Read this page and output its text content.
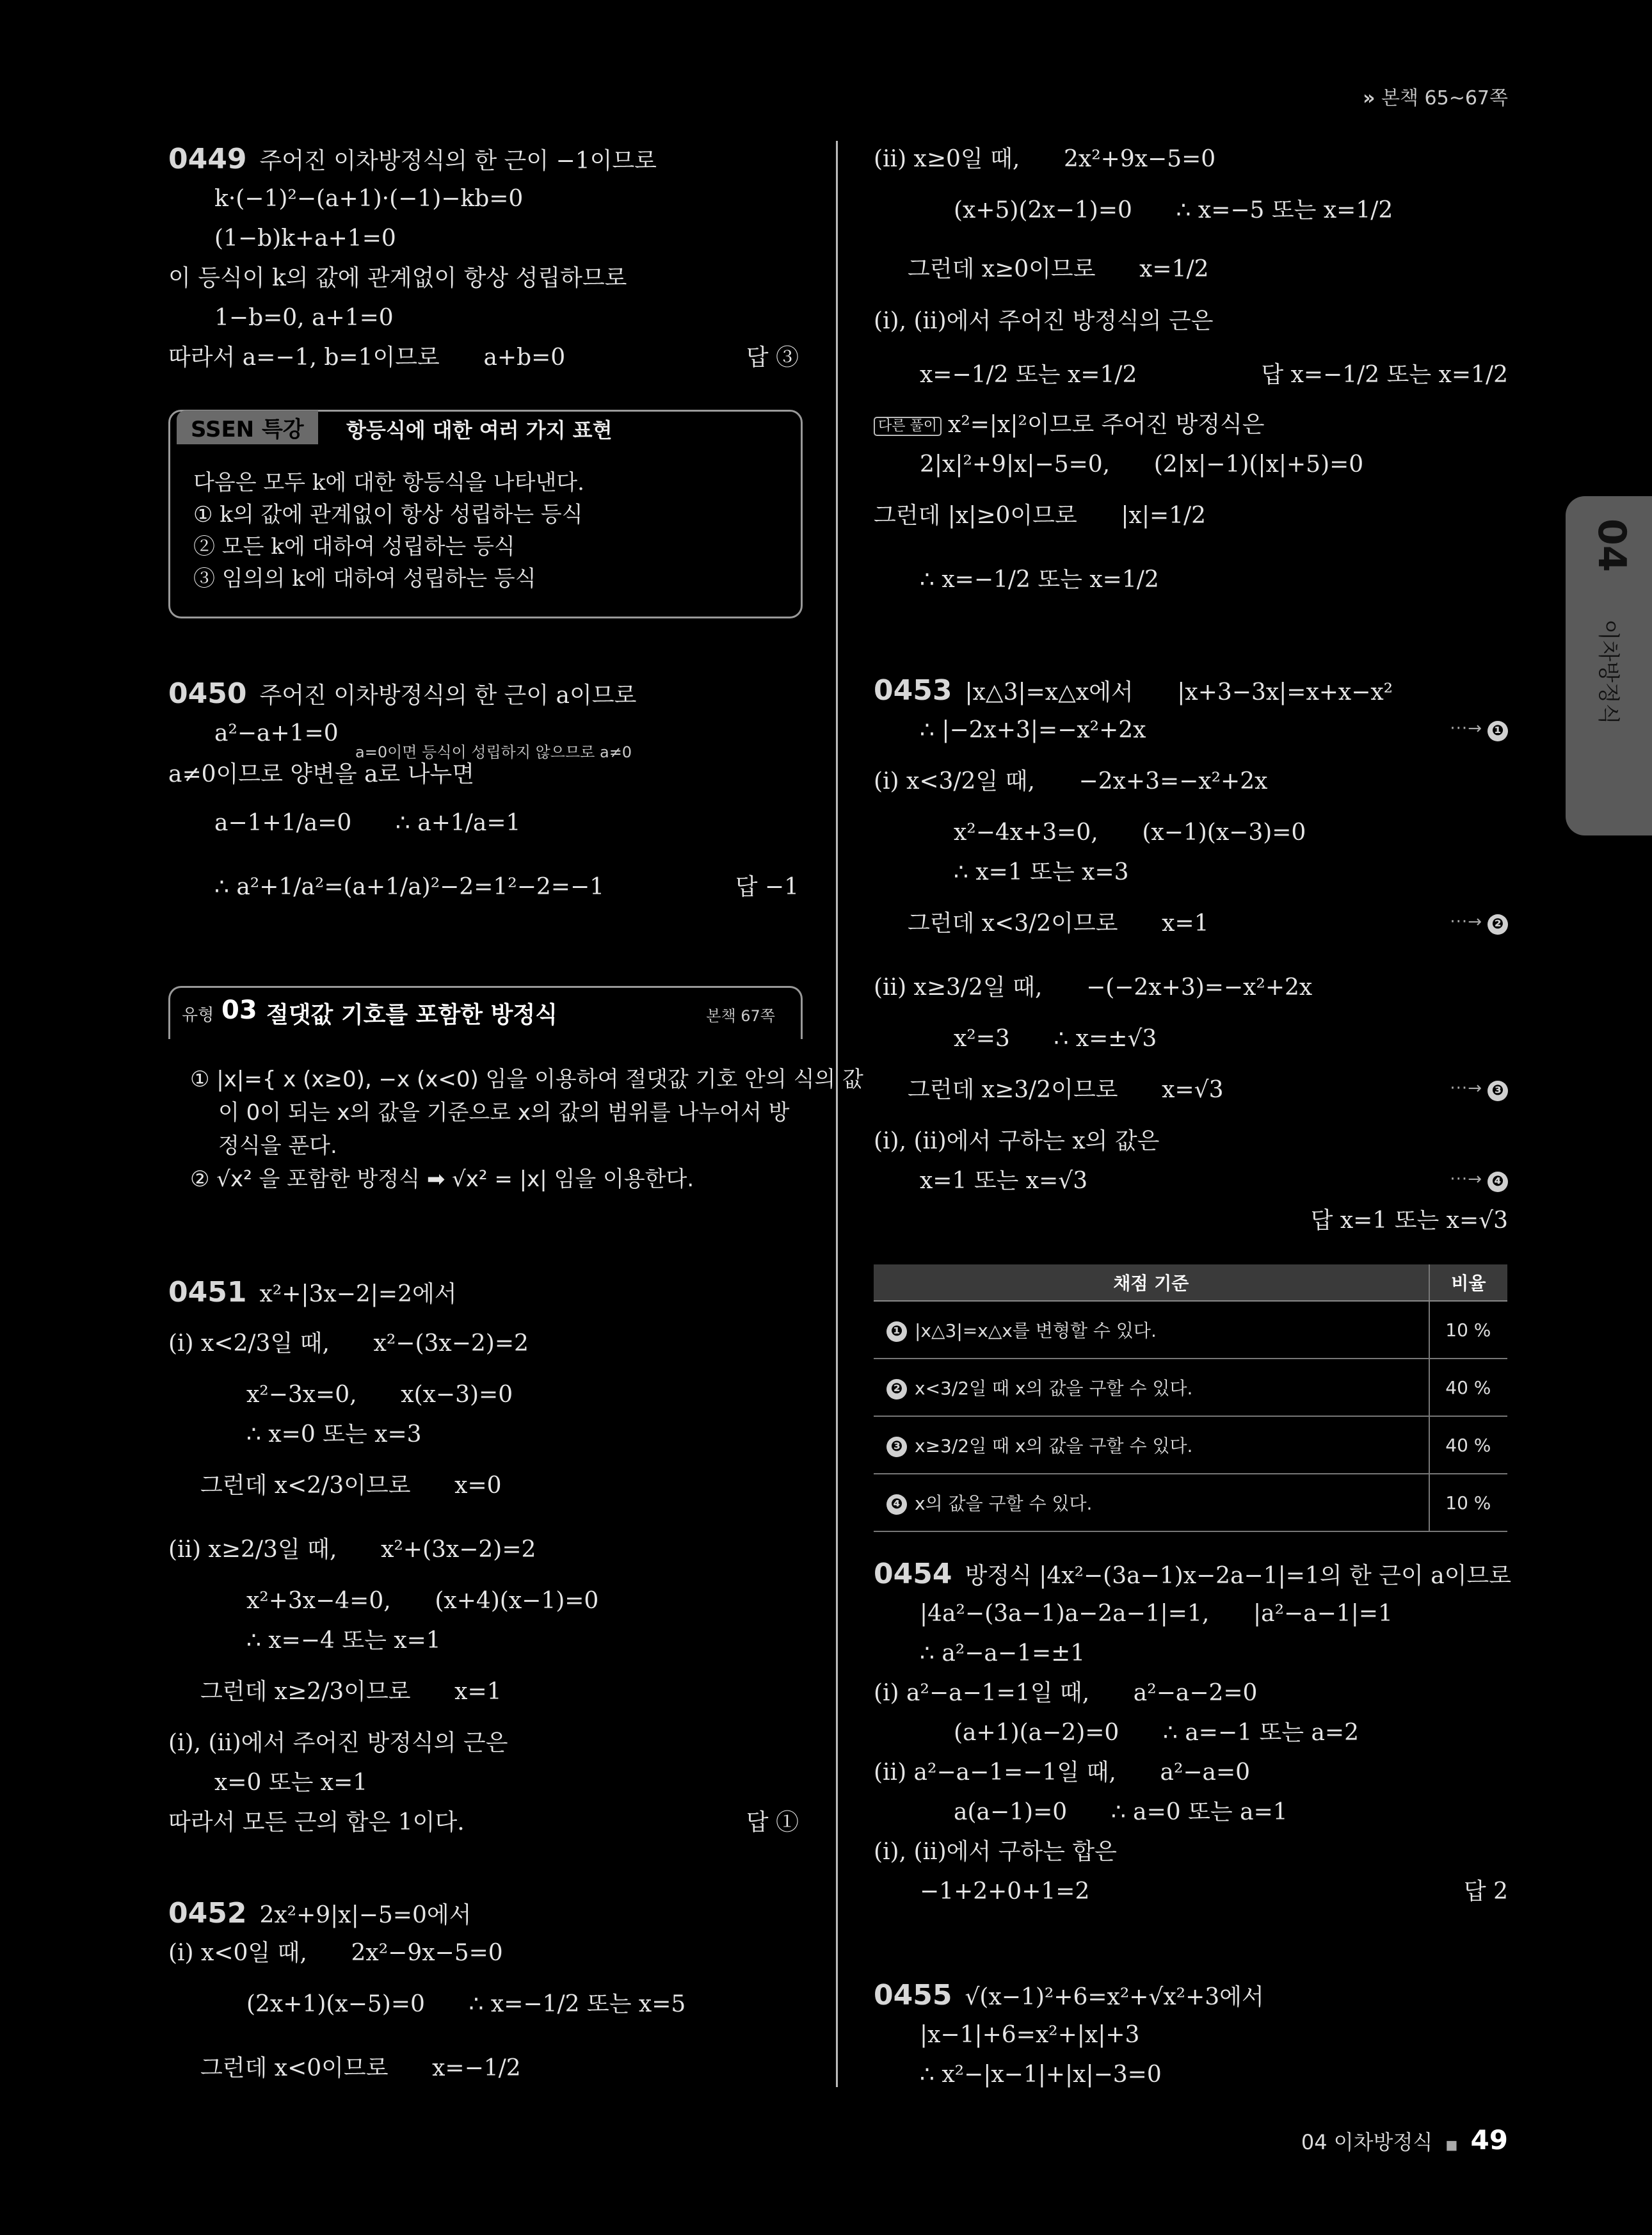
» 본책 65~67쪽
04
이차방정식
0449 주어진 이차방정식의 한 근이 −1이므로
k·(−1)²−(a+1)·(−1)−kb=0
(1−b)k+a+1=0
이 등식이 k의 값에 관계없이 항상 성립하므로
1−b=0, a+1=0
따라서 a=−1, b=1이므로      a+b=0
0450 주어진 이차방정식의 한 근이 a이므로
a²−a+1=0
a≠0이므로 양변을 a로 나누면
a−1+1/a=0      ∴ a+1/a=1
∴ a²+1/a²=(a+1/a)²−2=1²−2=−1
0451 x²+|3x−2|=2에서
(i) x<2/3일 때,      x²−(3x−2)=2
x²−3x=0,      x(x−3)=0
∴ x=0 또는 x=3
그런데 x<2/3이므로      x=0
(ii) x≥2/3일 때,      x²+(3x−2)=2
x²+3x−4=0,      (x+4)(x−1)=0
∴ x=−4 또는 x=1
그런데 x≥2/3이므로      x=1
(i), (ii)에서 주어진 방정식의 근은
x=0 또는 x=1
따라서 모든 근의 합은 1이다.
0452 2x²+9|x|−5=0에서
(i) x<0일 때,      2x²−9x−5=0
(2x+1)(x−5)=0      ∴ x=−1/2 또는 x=5
그런데 x<0이므로      x=−1/2
SSEN 특강	항등식에 대한 여러 가지 표현
다음은 모두 k에 대한 항등식을 나타낸다.
① k의 값에 관계없이 항상 성립하는 등식
② 모든 k에 대하여 성립하는 등식
③ 임의의 k에 대하여 성립하는 등식
a=0이면 등식이 성립하지 않으므로 a≠0
유형 03 절댓값 기호를 포함한 방정식	본책 67쪽
① |x|={ x (x≥0), −x (x<0) 임을 이용하여 절댓값 기호 안의 식의 값
이 0이 되는 x의 값을 기준으로 x의 값의 범위를 나누어서 방
정식을 푼다.
② √x² 을 포함한 방정식 ➡ √x² = |x| 임을 이용한다.
(ii) x≥0일 때,      2x²+9x−5=0
(x+5)(2x−1)=0      ∴ x=−5 또는 x=1/2
그런데 x≥0이므로      x=1/2
(i), (ii)에서 주어진 방정식의 근은
x=−1/2 또는 x=1/2
다른 풀이 x²=|x|²이므로 주어진 방정식은
2|x|²+9|x|−5=0,      (2|x|−1)(|x|+5)=0
그런데 |x|≥0이므로      |x|=1/2
∴ x=−1/2 또는 x=1/2
0453 |x△3|=x△x에서      |x+3−3x|=x+x−x²
∴ |−2x+3|=−x²+2x
(i) x<3/2일 때,      −2x+3=−x²+2x
x²−4x+3=0,      (x−1)(x−3)=0
∴ x=1 또는 x=3
그런데 x<3/2이므로      x=1
(ii) x≥3/2일 때,      −(−2x+3)=−x²+2x
x²=3      ∴ x=±√3
그런데 x≥3/2이므로      x=√3
(i), (ii)에서 구하는 x의 값은
x=1 또는 x=√3
0454 방정식 |4x²−(3a−1)x−2a−1|=1의 한 근이 a이므로
|4a²−(3a−1)a−2a−1|=1,      |a²−a−1|=1
∴ a²−a−1=±1
(i) a²−a−1=1일 때,      a²−a−2=0
(a+1)(a−2)=0      ∴ a=−1 또는 a=2
(ii) a²−a−1=−1일 때,      a²−a=0
a(a−1)=0      ∴ a=0 또는 a=1
(i), (ii)에서 구하는 합은
−1+2+0+1=2
0455 √(x−1)²+6=x²+√x²+3에서
|x−1|+6=x²+|x|+3
∴ x²−|x−1|+|x|−3=0
채점 기준	비율
❶ |x△3|=x△x를 변형할 수 있다.	10 %
❷ x<3/2일 때 x의 값을 구할 수 있다.	40 %
❸ x≥3/2일 때 x의 값을 구할 수 있다.	40 %
❹ x의 값을 구할 수 있다.	10 %
04 이차방정식 ■ 49
답 ③
답 −1
답 ①
답 x=−1/2 또는 x=1/2
답 x=1 또는 x=√3
답 2
···→ ❶
···→ ❷
···→ ❸
···→ ❹
